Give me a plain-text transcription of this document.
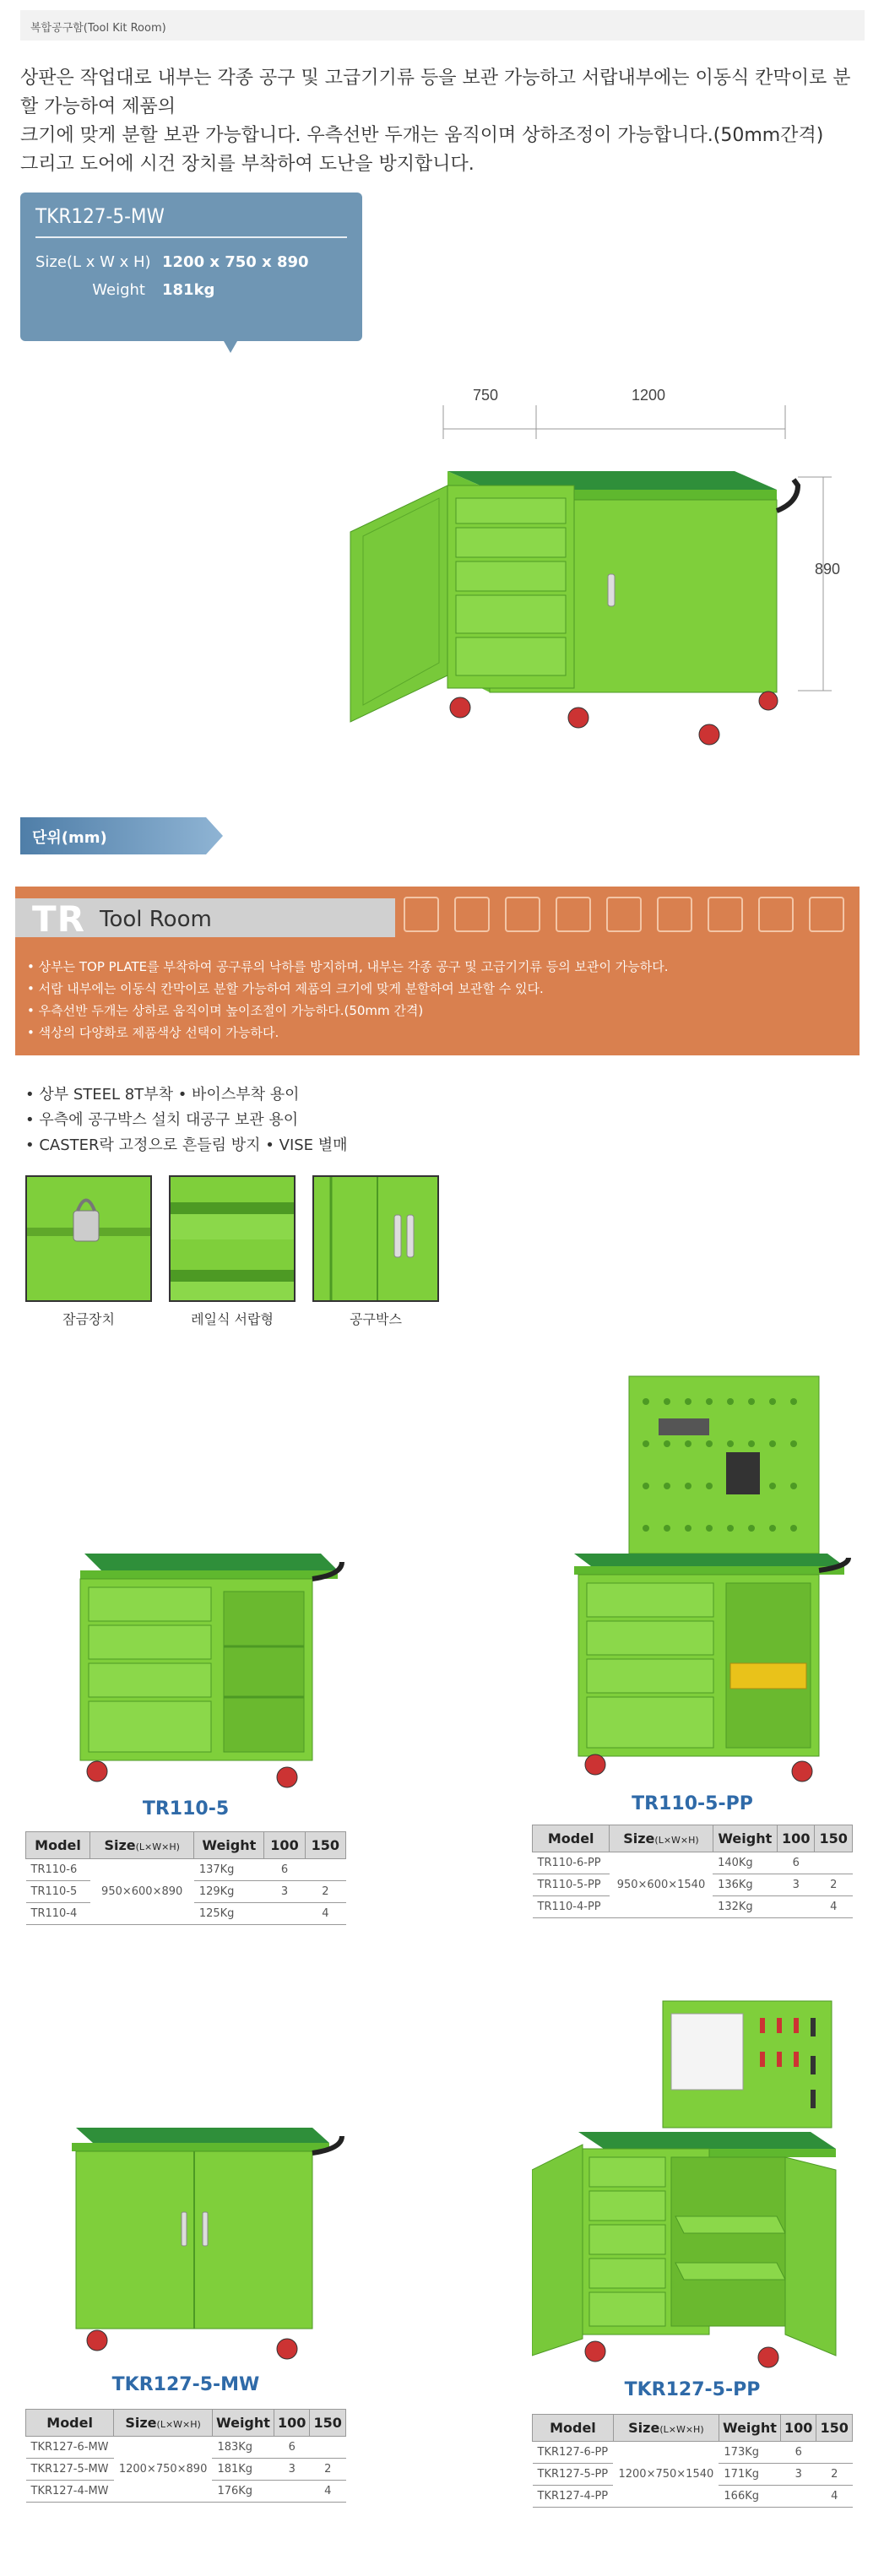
복합공구함(Tool Kit Room)
상판은 작업대로 내부는 각종 공구 및 고급기기류 등을 보관 가능하고 서랍내부에는 이동식 칸막이로 분할 가능하여 제품의
크기에 맞게 분할 보관 가능합니다. 우측선반 두개는 움직이며 상하조정이 가능합니다.(50mm간격)
그리고 도어에 시건 장치를 부착하여 도난을 방지합니다.
TKR127-5-MW
Size(L x W x H) 1200 x 750 x 890
Weight	181kg
750	1200
890
단위(mm)
TR Tool Room
• 상부는 TOP PLATE를 부착하여 공구류의 낙하를 방지하며, 내부는 각종 공구 및 고급기기류 등의 보관이 가능하다.
• 서랍 내부에는 이동식 칸막이로 분할 가능하여 제품의 크기에 맞게 분할하여 보관할 수 있다.
• 우측선반 두개는 상하로 움직이며 높이조절이 가능하다.(50mm 간격)
• 색상의 다양화로 제품색상 선택이 가능하다.
• 상부 STEEL 8T부착 • 바이스부착 용이
• 우측에 공구박스 설치 대공구 보관 용이
• CASTER락 고정으로 흔들림 방지 • VISE 별매
잠금장치	레일식 서랍형	공구박스
TR110-5
Model	Size(L×W×H)	Weight	100	150
TR110-6	950×600×890	137Kg	6	
TR110-5		129Kg	3	2
TR110-4		125Kg		4
TR110-5-PP
Model	Size(L×W×H)	Weight	100	150
TR110-6-PP	950×600×1540	140Kg	6	
TR110-5-PP		136Kg	3	2
TR110-4-PP		132Kg		4
TKR127-5-MW
Model	Size(L×W×H)	Weight	100	150
TKR127-6-MW	1200×750×890	183Kg	6	
TKR127-5-MW		181Kg	3	2
TKR127-4-MW		176Kg		4
TKR127-5-PP
Model	Size(L×W×H)	Weight	100	150
TKR127-6-PP	1200×750×1540	173Kg	6	
TKR127-5-PP		171Kg	3	2
TKR127-4-PP		166Kg		4
